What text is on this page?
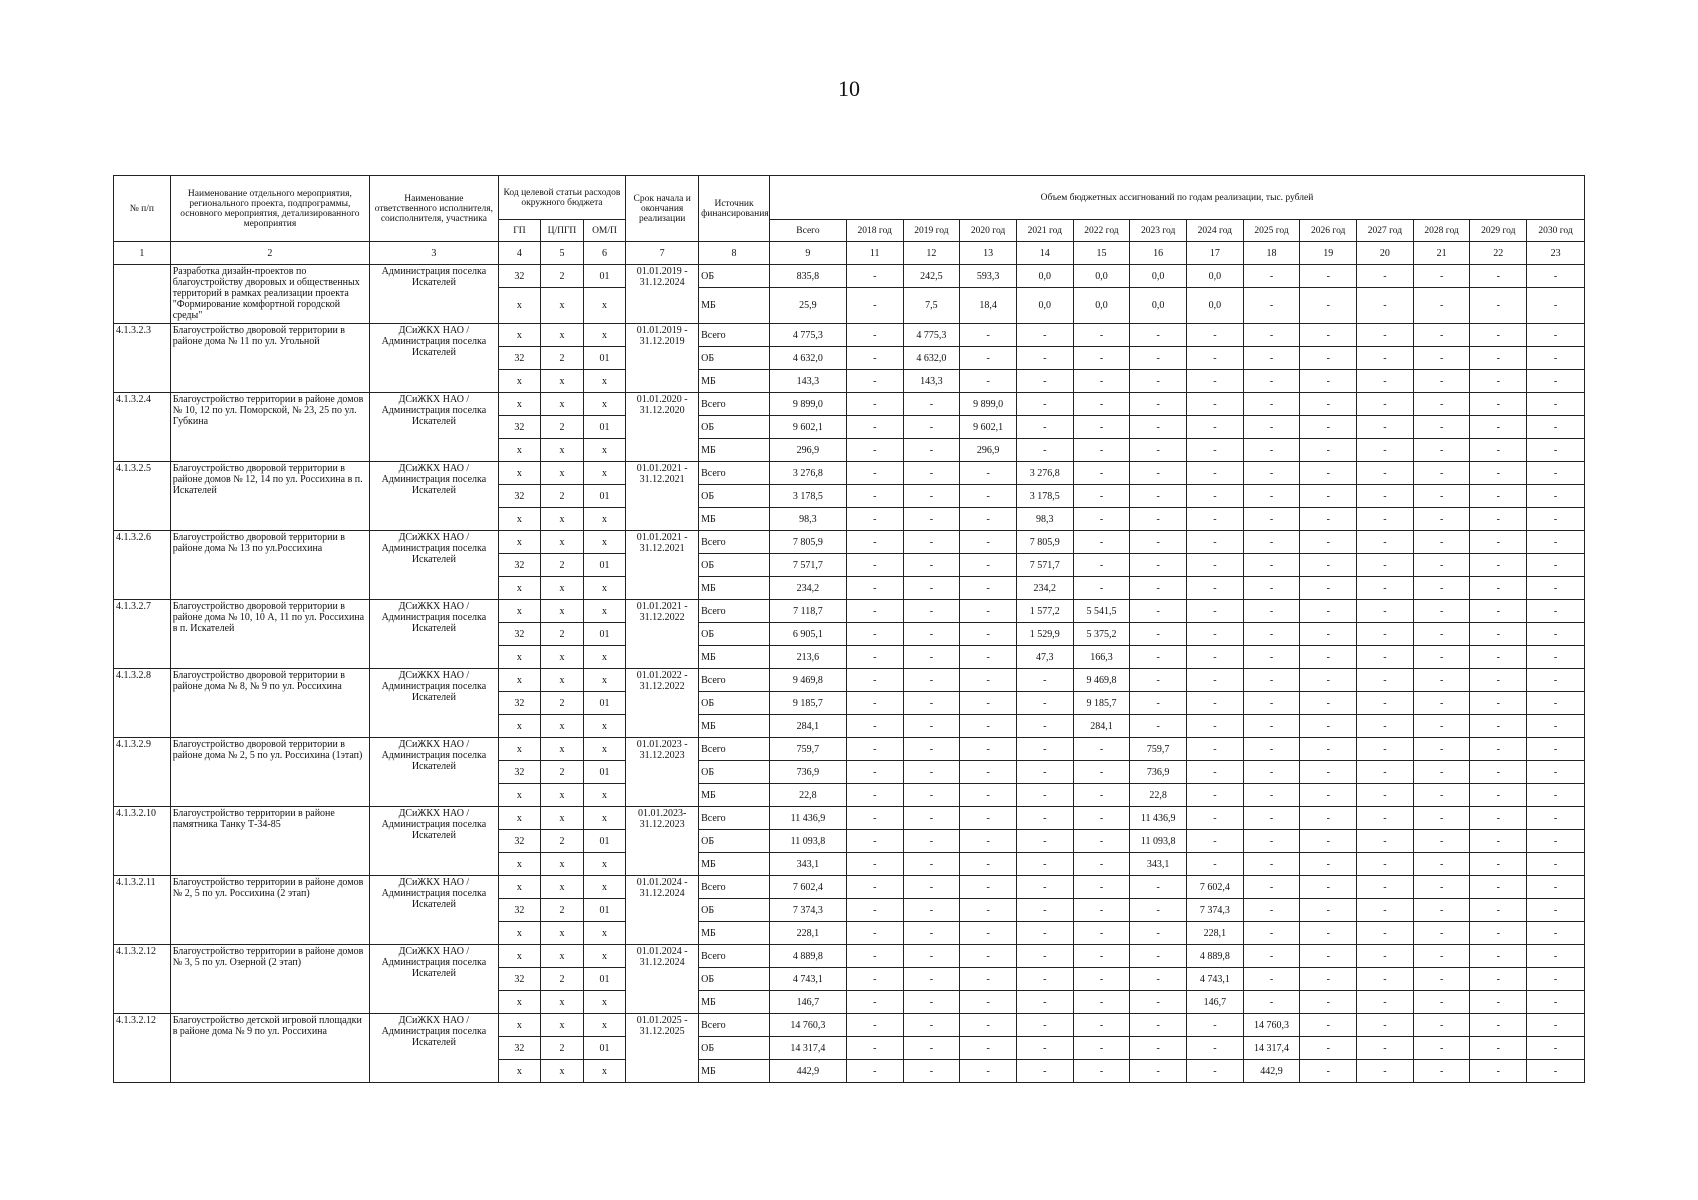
10
№ п/п	Наименование отдельного мероприятия, регионального проекта, подпрограммы, основного мероприятия, детализированного мероприятия	Наименование ответственного исполнителя, соисполнителя, участника	Код целевой статьи расходов окружного бюджета			Срок начала и окончания реализации	Источник финансирования	Объем бюджетных ассигнований по годам реализации, тыс. рублей													
			ГП	Ц/ПГП	ОМ/П			Всего	2018 год	2019 год	2020 год	2021 год	2022 год	2023 год	2024 год	2025 год	2026 год	2027 год	2028 год	2029 год	2030 год
1	2	3	4	5	6	7	8	9	11	12	13	14	15	16	17	18	19	20	21	22	23
	Разработка дизайн-проектов по благоустройству дворовых и общественных территорий в рамках реализации проекта "Формирование комфортной городской среды"	Администрация поселка Искателей	32	2	01	01.01.2019 - 31.12.2024	ОБ	835,8	-	242,5	593,3	0,0	0,0	0,0	0,0	-	-	-	-	-	-
			х	х	х		МБ	25,9	-	7,5	18,4	0,0	0,0	0,0	0,0	-	-	-	-	-	-
4.1.3.2.3	Благоустройство дворовой территории в районе дома № 11 по ул. Угольной	ДСиЖКХ НАО / Администрация поселка Искателей	х	х	х	01.01.2019 - 31.12.2019	Всего	4 775,3	-	4 775,3	-	-	-	-	-	-	-	-	-	-	-
			32	2	01		ОБ	4 632,0	-	4 632,0	-	-	-	-	-	-	-	-	-	-	-
			х	х	х		МБ	143,3	-	143,3	-	-	-	-	-	-	-	-	-	-	-
4.1.3.2.4	Благоустройство территории в районе домов № 10, 12 по ул. Поморской, № 23, 25 по ул. Губкина	ДСиЖКХ НАО / Администрация поселка Искателей	х	х	х	01.01.2020 - 31.12.2020	Всего	9 899,0	-	-	9 899,0	-	-	-	-	-	-	-	-	-	-
			32	2	01		ОБ	9 602,1	-	-	9 602,1	-	-	-	-	-	-	-	-	-	-
			х	х	х		МБ	296,9	-	-	296,9	-	-	-	-	-	-	-	-	-	-
4.1.3.2.5	Благоустройство дворовой территории в районе домов № 12, 14 по ул. Россихина в п. Искателей	ДСиЖКХ НАО / Администрация поселка Искателей	х	х	х	01.01.2021 - 31.12.2021	Всего	3 276,8	-	-	-	3 276,8	-	-	-	-	-	-	-	-	-
			32	2	01		ОБ	3 178,5	-	-	-	3 178,5	-	-	-	-	-	-	-	-	-
			х	х	х		МБ	98,3	-	-	-	98,3	-	-	-	-	-	-	-	-	-
4.1.3.2.6	Благоустройство дворовой территории в районе дома № 13 по ул.Россихина	ДСиЖКХ НАО / Администрация поселка Искателей	х	х	х	01.01.2021 - 31.12.2021	Всего	7 805,9	-	-	-	7 805,9	-	-	-	-	-	-	-	-	-
			32	2	01		ОБ	7 571,7	-	-	-	7 571,7	-	-	-	-	-	-	-	-	-
			х	х	х		МБ	234,2	-	-	-	234,2	-	-	-	-	-	-	-	-	-
4.1.3.2.7	Благоустройство дворовой территории в районе дома № 10, 10 А, 11 по ул. Россихина в п. Искателей	ДСиЖКХ НАО / Администрация поселка Искателей	х	х	х	01.01.2021 - 31.12.2022	Всего	7 118,7	-	-	-	1 577,2	5 541,5	-	-	-	-	-	-	-	-
			32	2	01		ОБ	6 905,1	-	-	-	1 529,9	5 375,2	-	-	-	-	-	-	-	-
			х	х	х		МБ	213,6	-	-	-	47,3	166,3	-	-	-	-	-	-	-	-
4.1.3.2.8	Благоустройство дворовой территории в районе дома № 8, № 9 по ул. Россихина	ДСиЖКХ НАО / Администрация поселка Искателей	х	х	х	01.01.2022 - 31.12.2022	Всего	9 469,8	-	-	-	-	9 469,8	-	-	-	-	-	-	-	-
			32	2	01		ОБ	9 185,7	-	-	-	-	9 185,7	-	-	-	-	-	-	-	-
			х	х	х		МБ	284,1	-	-	-	-	284,1	-	-	-	-	-	-	-	-
4.1.3.2.9	Благоустройство дворовой территории в районе дома № 2, 5 по ул. Россихина (1этап)	ДСиЖКХ НАО / Администрация поселка Искателей	х	х	х	01.01.2023 - 31.12.2023	Всего	759,7	-	-	-	-	-	759,7	-	-	-	-	-	-	-
			32	2	01		ОБ	736,9	-	-	-	-	-	736,9	-	-	-	-	-	-	-
			х	х	х		МБ	22,8	-	-	-	-	-	22,8	-	-	-	-	-	-	-
4.1.3.2.10	Благоустройство территории в районе памятника Танку Т-34-85	ДСиЖКХ НАО / Администрация поселка Искателей	х	х	х	01.01.2023- 31.12.2023	Всего	11 436,9	-	-	-	-	-	11 436,9	-	-	-	-	-	-	-
			32	2	01		ОБ	11 093,8	-	-	-	-	-	11 093,8	-	-	-	-	-	-	-
			х	х	х		МБ	343,1	-	-	-	-	-	343,1	-	-	-	-	-	-	-
4.1.3.2.11	Благоустройство территории в районе домов № 2, 5 по ул. Россихина (2 этап)	ДСиЖКХ НАО / Администрация поселка Искателей	х	х	х	01.01.2024 - 31.12.2024	Всего	7 602,4	-	-	-	-	-	-	7 602,4	-	-	-	-	-	-
			32	2	01		ОБ	7 374,3	-	-	-	-	-	-	7 374,3	-	-	-	-	-	-
			х	х	х		МБ	228,1	-	-	-	-	-	-	228,1	-	-	-	-	-	-
4.1.3.2.12	Благоустройство территории в районе домов № 3, 5 по ул. Озерной (2 этап)	ДСиЖКХ НАО / Администрация поселка Искателей	х	х	х	01.01.2024 - 31.12.2024	Всего	4 889,8	-	-	-	-	-	-	4 889,8	-	-	-	-	-	-
			32	2	01		ОБ	4 743,1	-	-	-	-	-	-	4 743,1	-	-	-	-	-	-
			х	х	х		МБ	146,7	-	-	-	-	-	-	146,7	-	-	-	-	-	-
4.1.3.2.12	Благоустройство детской игровой площадки в районе дома № 9 по ул. Россихина	ДСиЖКХ НАО / Администрация поселка Искателей	х	х	х	01.01.2025 - 31.12.2025	Всего	14 760,3	-	-	-	-	-	-	-	14 760,3	-	-	-	-	-
			32	2	01		ОБ	14 317,4	-	-	-	-	-	-	-	14 317,4	-	-	-	-	-
			х	х	х		МБ	442,9	-	-	-	-	-	-	-	442,9	-	-	-	-	-
